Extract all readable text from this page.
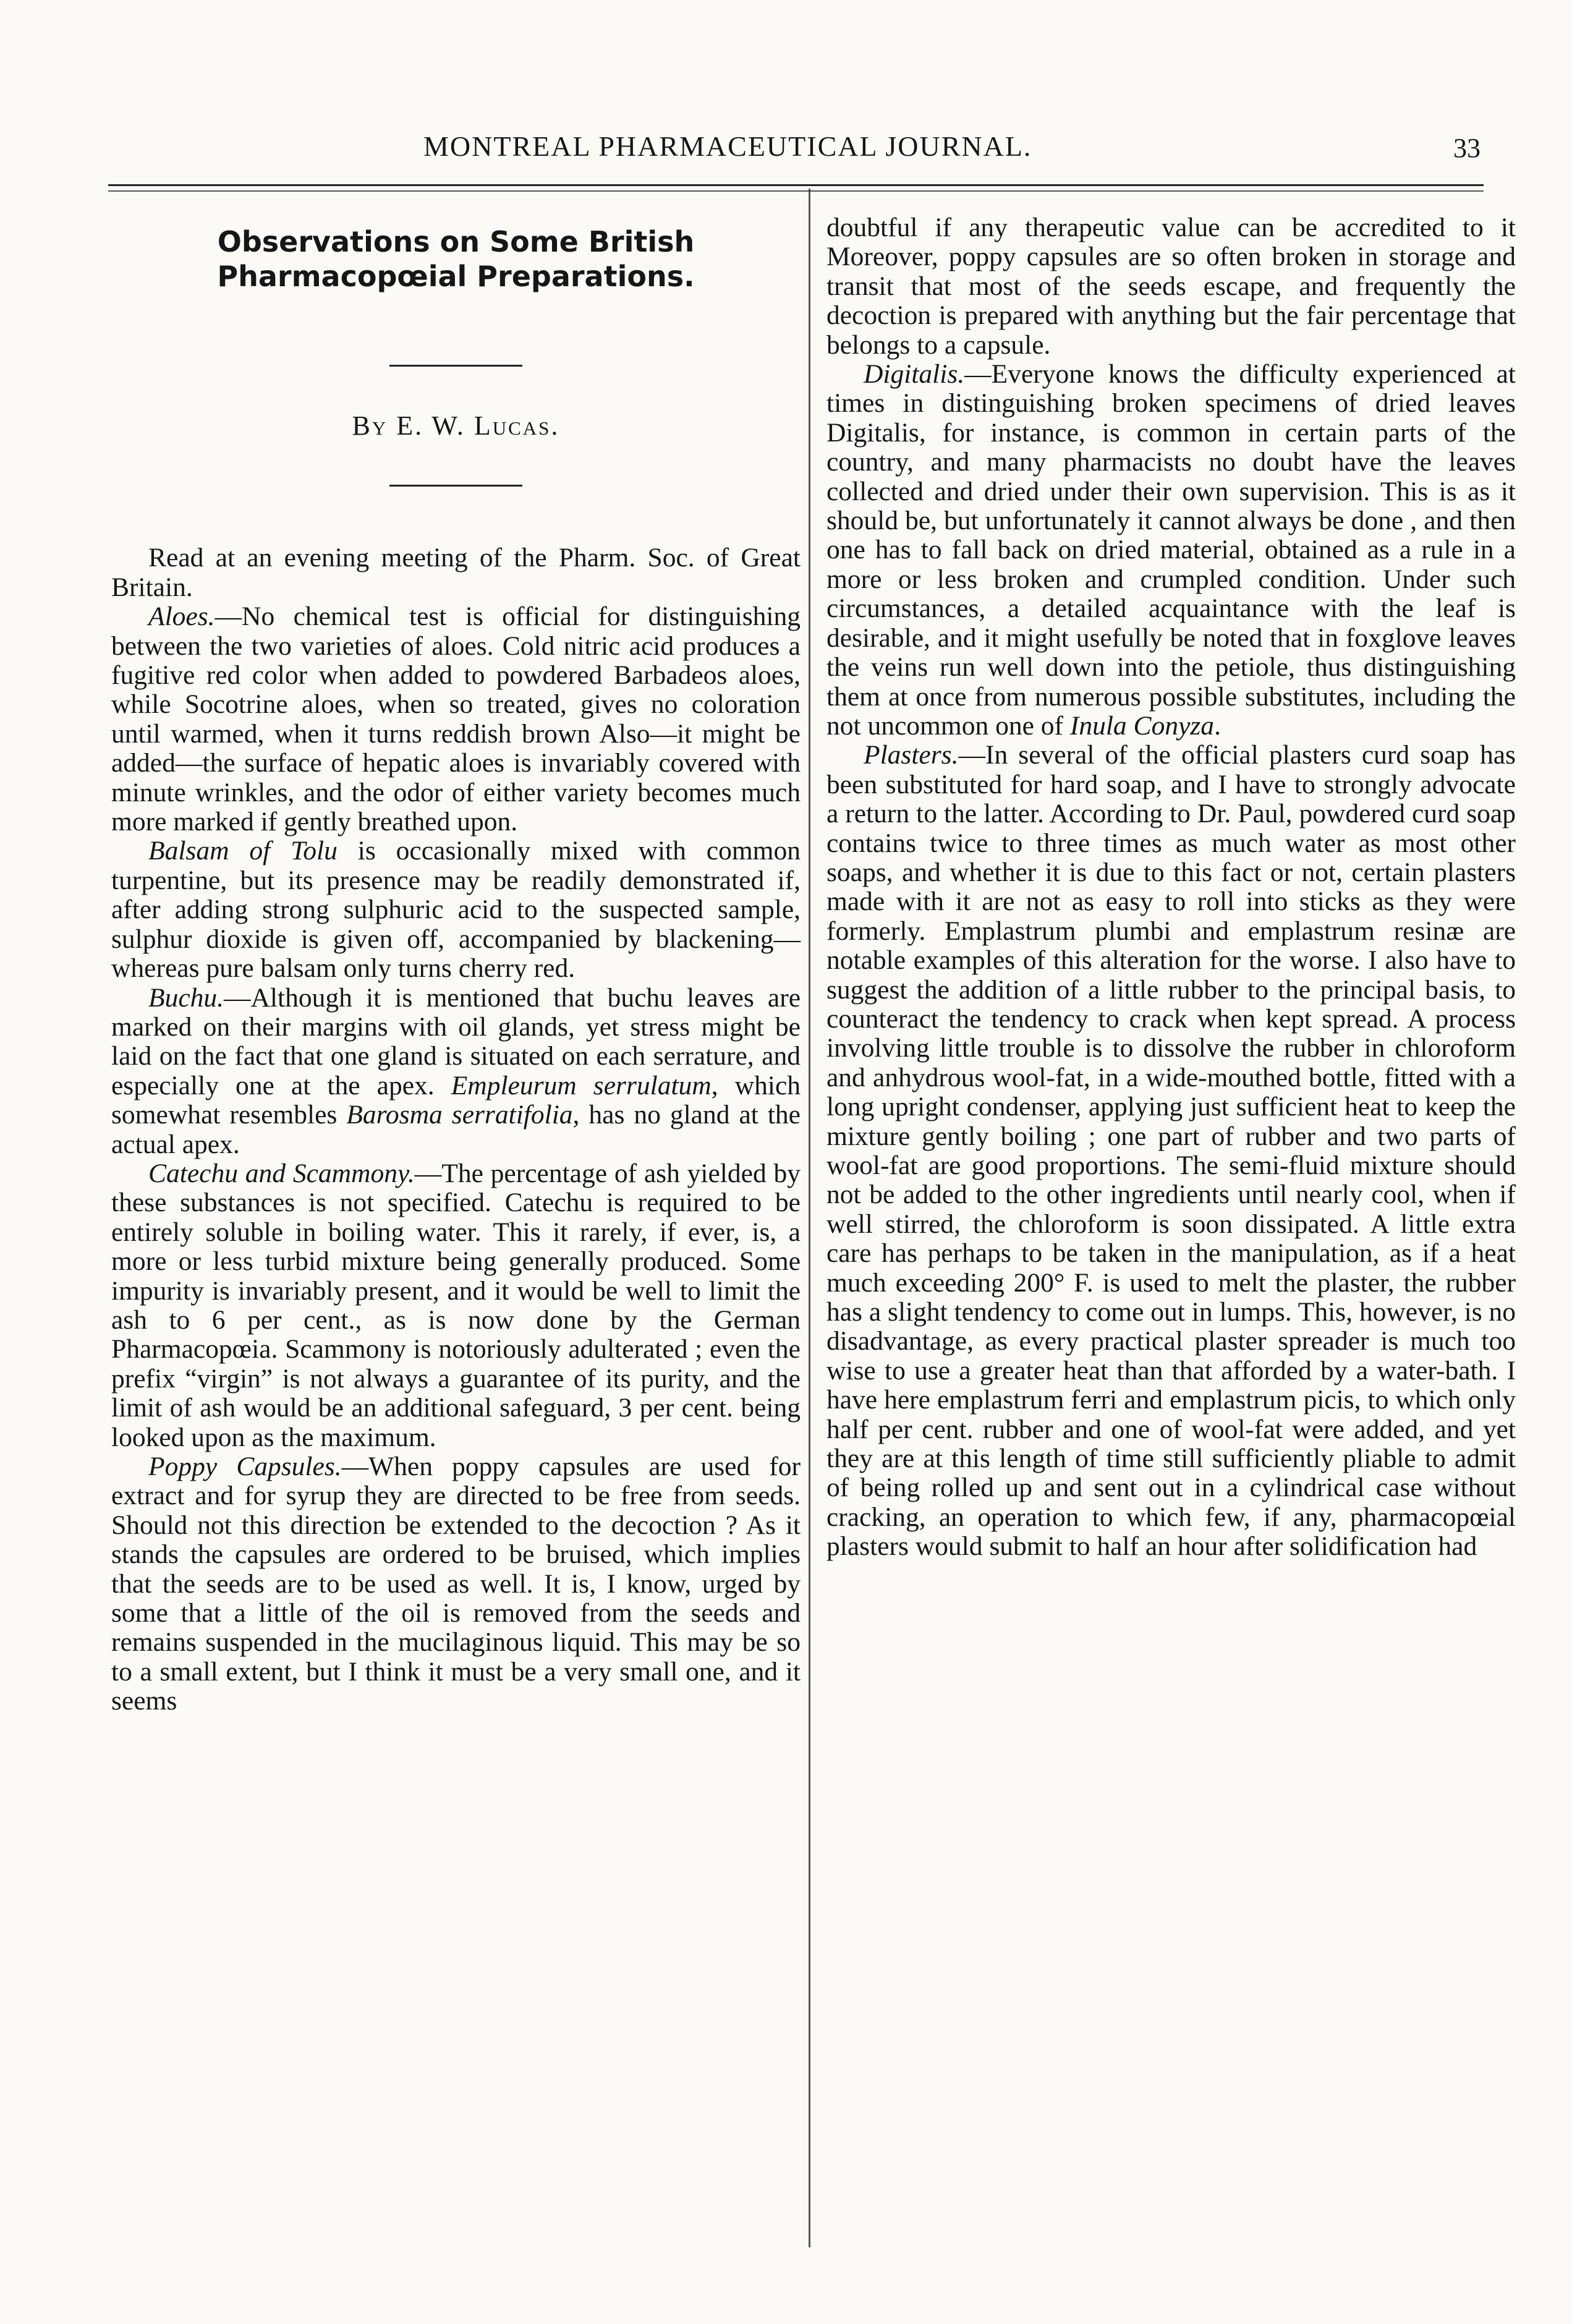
MONTREAL PHARMACEUTICAL JOURNAL.	33
Observations on Some British Pharmacopœial Preparations.
By E. W. Lucas.

Read at an evening meeting of the Pharm. Soc. of Great Britain.

Aloes.—No chemical test is official for distinguishing between the two varieties of aloes. Cold nitric acid produces a fugitive red color when added to powdered Barbadeos aloes, while Socotrine aloes, when so treated, gives no coloration until warmed, when it turns reddish brown Also—it might be added—the surface of hepatic aloes is invariably covered with minute wrinkles, and the odor of either variety becomes much more marked if gently breathed upon.

Balsam of Tolu is occasionally mixed with common turpentine, but its presence may be readily demonstrated if, after adding strong sulphuric acid to the suspected sample, sulphur dioxide is given off, accompanied by blackening—whereas pure balsam only turns cherry red.

Buchu.—Although it is mentioned that buchu leaves are marked on their margins with oil glands, yet stress might be laid on the fact that one gland is situated on each serrature, and especially one at the apex. Empleurum serrulatum, which somewhat resembles Barosma serratifolia, has no gland at the actual apex.

Catechu and Scammony.—The percentage of ash yielded by these substances is not specified. Catechu is required to be entirely soluble in boiling water. This it rarely, if ever, is, a more or less turbid mixture being generally produced. Some impurity is invariably present, and it would be well to limit the ash to 6 per cent., as is now done by the German Pharmacopœia. Scammony is notoriously adulterated ; even the prefix “virgin” is not always a guarantee of its purity, and the limit of ash would be an additional safeguard, 3 per cent. being looked upon as the maximum.

Poppy Capsules.—When poppy capsules are used for extract and for syrup they are directed to be free from seeds. Should not this direction be extended to the decoction ? As it stands the capsules are ordered to be bruised, which implies that the seeds are to be used as well. It is, I know, urged by some that a little of the oil is removed from the seeds and remains suspended in the mucilaginous liquid. This may be so to a small extent, but I think it must be a very small one, and it seems

doubtful if any therapeutic value can be accredited to it Moreover, poppy capsules are so often broken in storage and transit that most of the seeds escape, and frequently the decoction is prepared with anything but the fair percentage that belongs to a capsule.

Digitalis.—Everyone knows the difficulty experienced at times in distinguishing broken specimens of dried leaves Digitalis, for instance, is common in certain parts of the country, and many pharmacists no doubt have the leaves collected and dried under their own supervision. This is as it should be, but unfortunately it cannot always be done , and then one has to fall back on dried material, obtained as a rule in a more or less broken and crumpled condition. Under such circumstances, a detailed acquaintance with the leaf is desirable, and it might usefully be noted that in foxglove leaves the veins run well down into the petiole, thus distinguishing them at once from numerous possible substitutes, including the not uncommon one of Inula Conyza.

Plasters.—In several of the official plasters curd soap has been substituted for hard soap, and I have to strongly advocate a return to the latter. According to Dr. Paul, powdered curd soap contains twice to three times as much water as most other soaps, and whether it is due to this fact or not, certain plasters made with it are not as easy to roll into sticks as they were formerly. Emplastrum plumbi and emplastrum resinæ are notable examples of this alteration for the worse. I also have to suggest the addition of a little rubber to the principal basis, to counteract the tendency to crack when kept spread. A process involving little trouble is to dissolve the rubber in chloroform and anhydrous wool-fat, in a wide-mouthed bottle, fitted with a long upright condenser, applying just sufficient heat to keep the mixture gently boiling ; one part of rubber and two parts of wool-fat are good proportions. The semi-fluid mixture should not be added to the other ingredients until nearly cool, when if well stirred, the chloroform is soon dissipated. A little extra care has perhaps to be taken in the manipulation, as if a heat much exceeding 200° F. is used to melt the plaster, the rubber has a slight tendency to come out in lumps. This, however, is no disadvantage, as every practical plaster spreader is much too wise to use a greater heat than that afforded by a water-bath. I have here emplastrum ferri and emplastrum picis, to which only half per cent. rubber and one of wool-fat were added, and yet they are at this length of time still sufficiently pliable to admit of being rolled up and sent out in a cylindrical case without cracking, an operation to which few, if any, pharmacopœial plasters would submit to half an hour after solidification had
